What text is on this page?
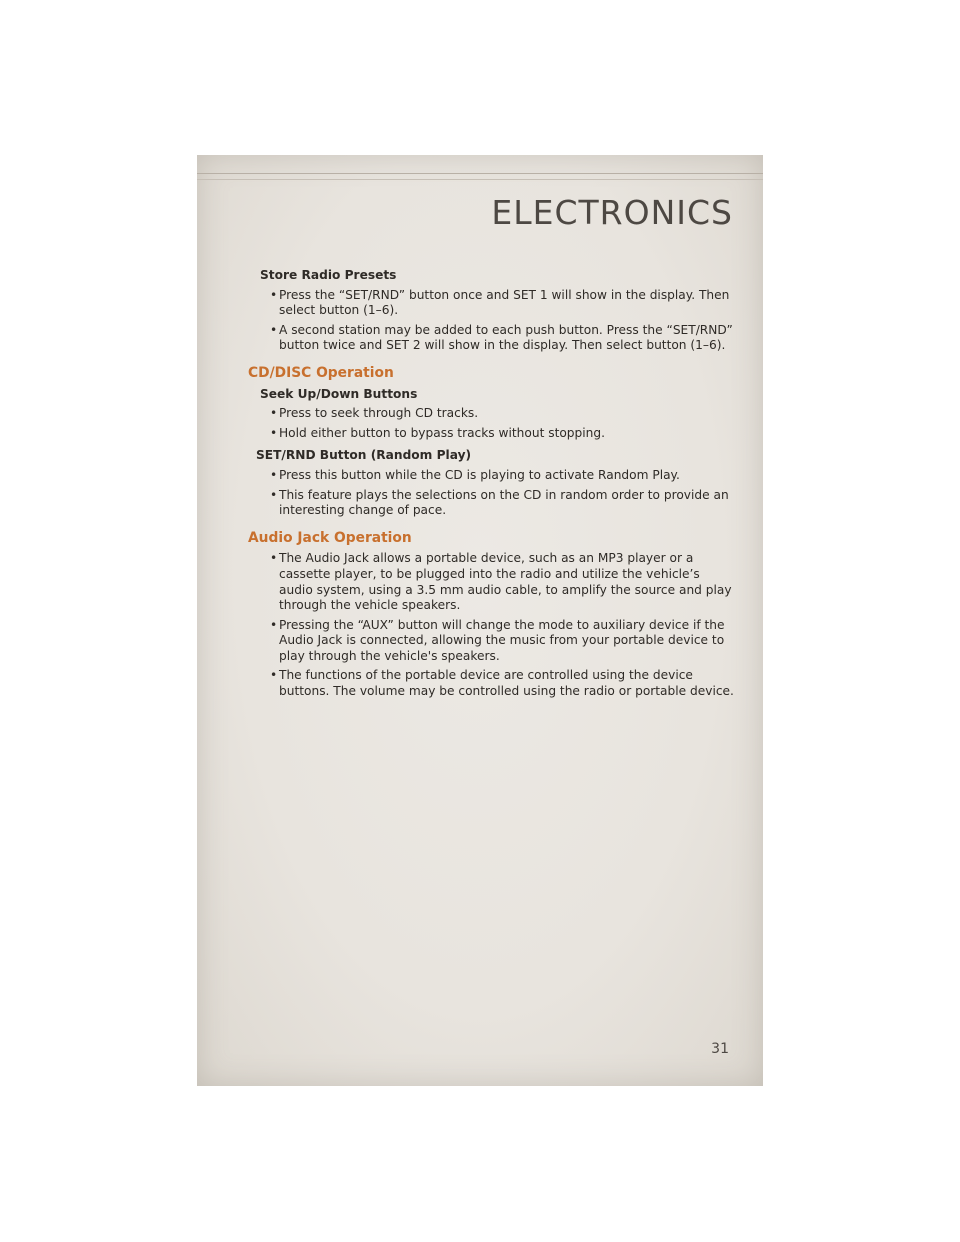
ELECTRONICS
Store Radio Presets
• Press the “SET/RND” button once and SET 1 will show in the display. Then select button (1–6).
• A second station may be added to each push button. Press the “SET/RND” button twice and SET 2 will show in the display. Then select button (1–6).
CD/DISC Operation
Seek Up/Down Buttons
• Press to seek through CD tracks.
• Hold either button to bypass tracks without stopping.
SET/RND Button (Random Play)
• Press this button while the CD is playing to activate Random Play.
• This feature plays the selections on the CD in random order to provide an interesting change of pace.
Audio Jack Operation
• The Audio Jack allows a portable device, such as an MP3 player or a cassette player, to be plugged into the radio and utilize the vehicle’s audio system, using a 3.5 mm audio cable, to amplify the source and play through the vehicle speakers.
• Pressing the “AUX” button will change the mode to auxiliary device if the Audio Jack is connected, allowing the music from your portable device to play through the vehicle's speakers.
• The functions of the portable device are controlled using the device buttons. The volume may be controlled using the radio or portable device.
31
